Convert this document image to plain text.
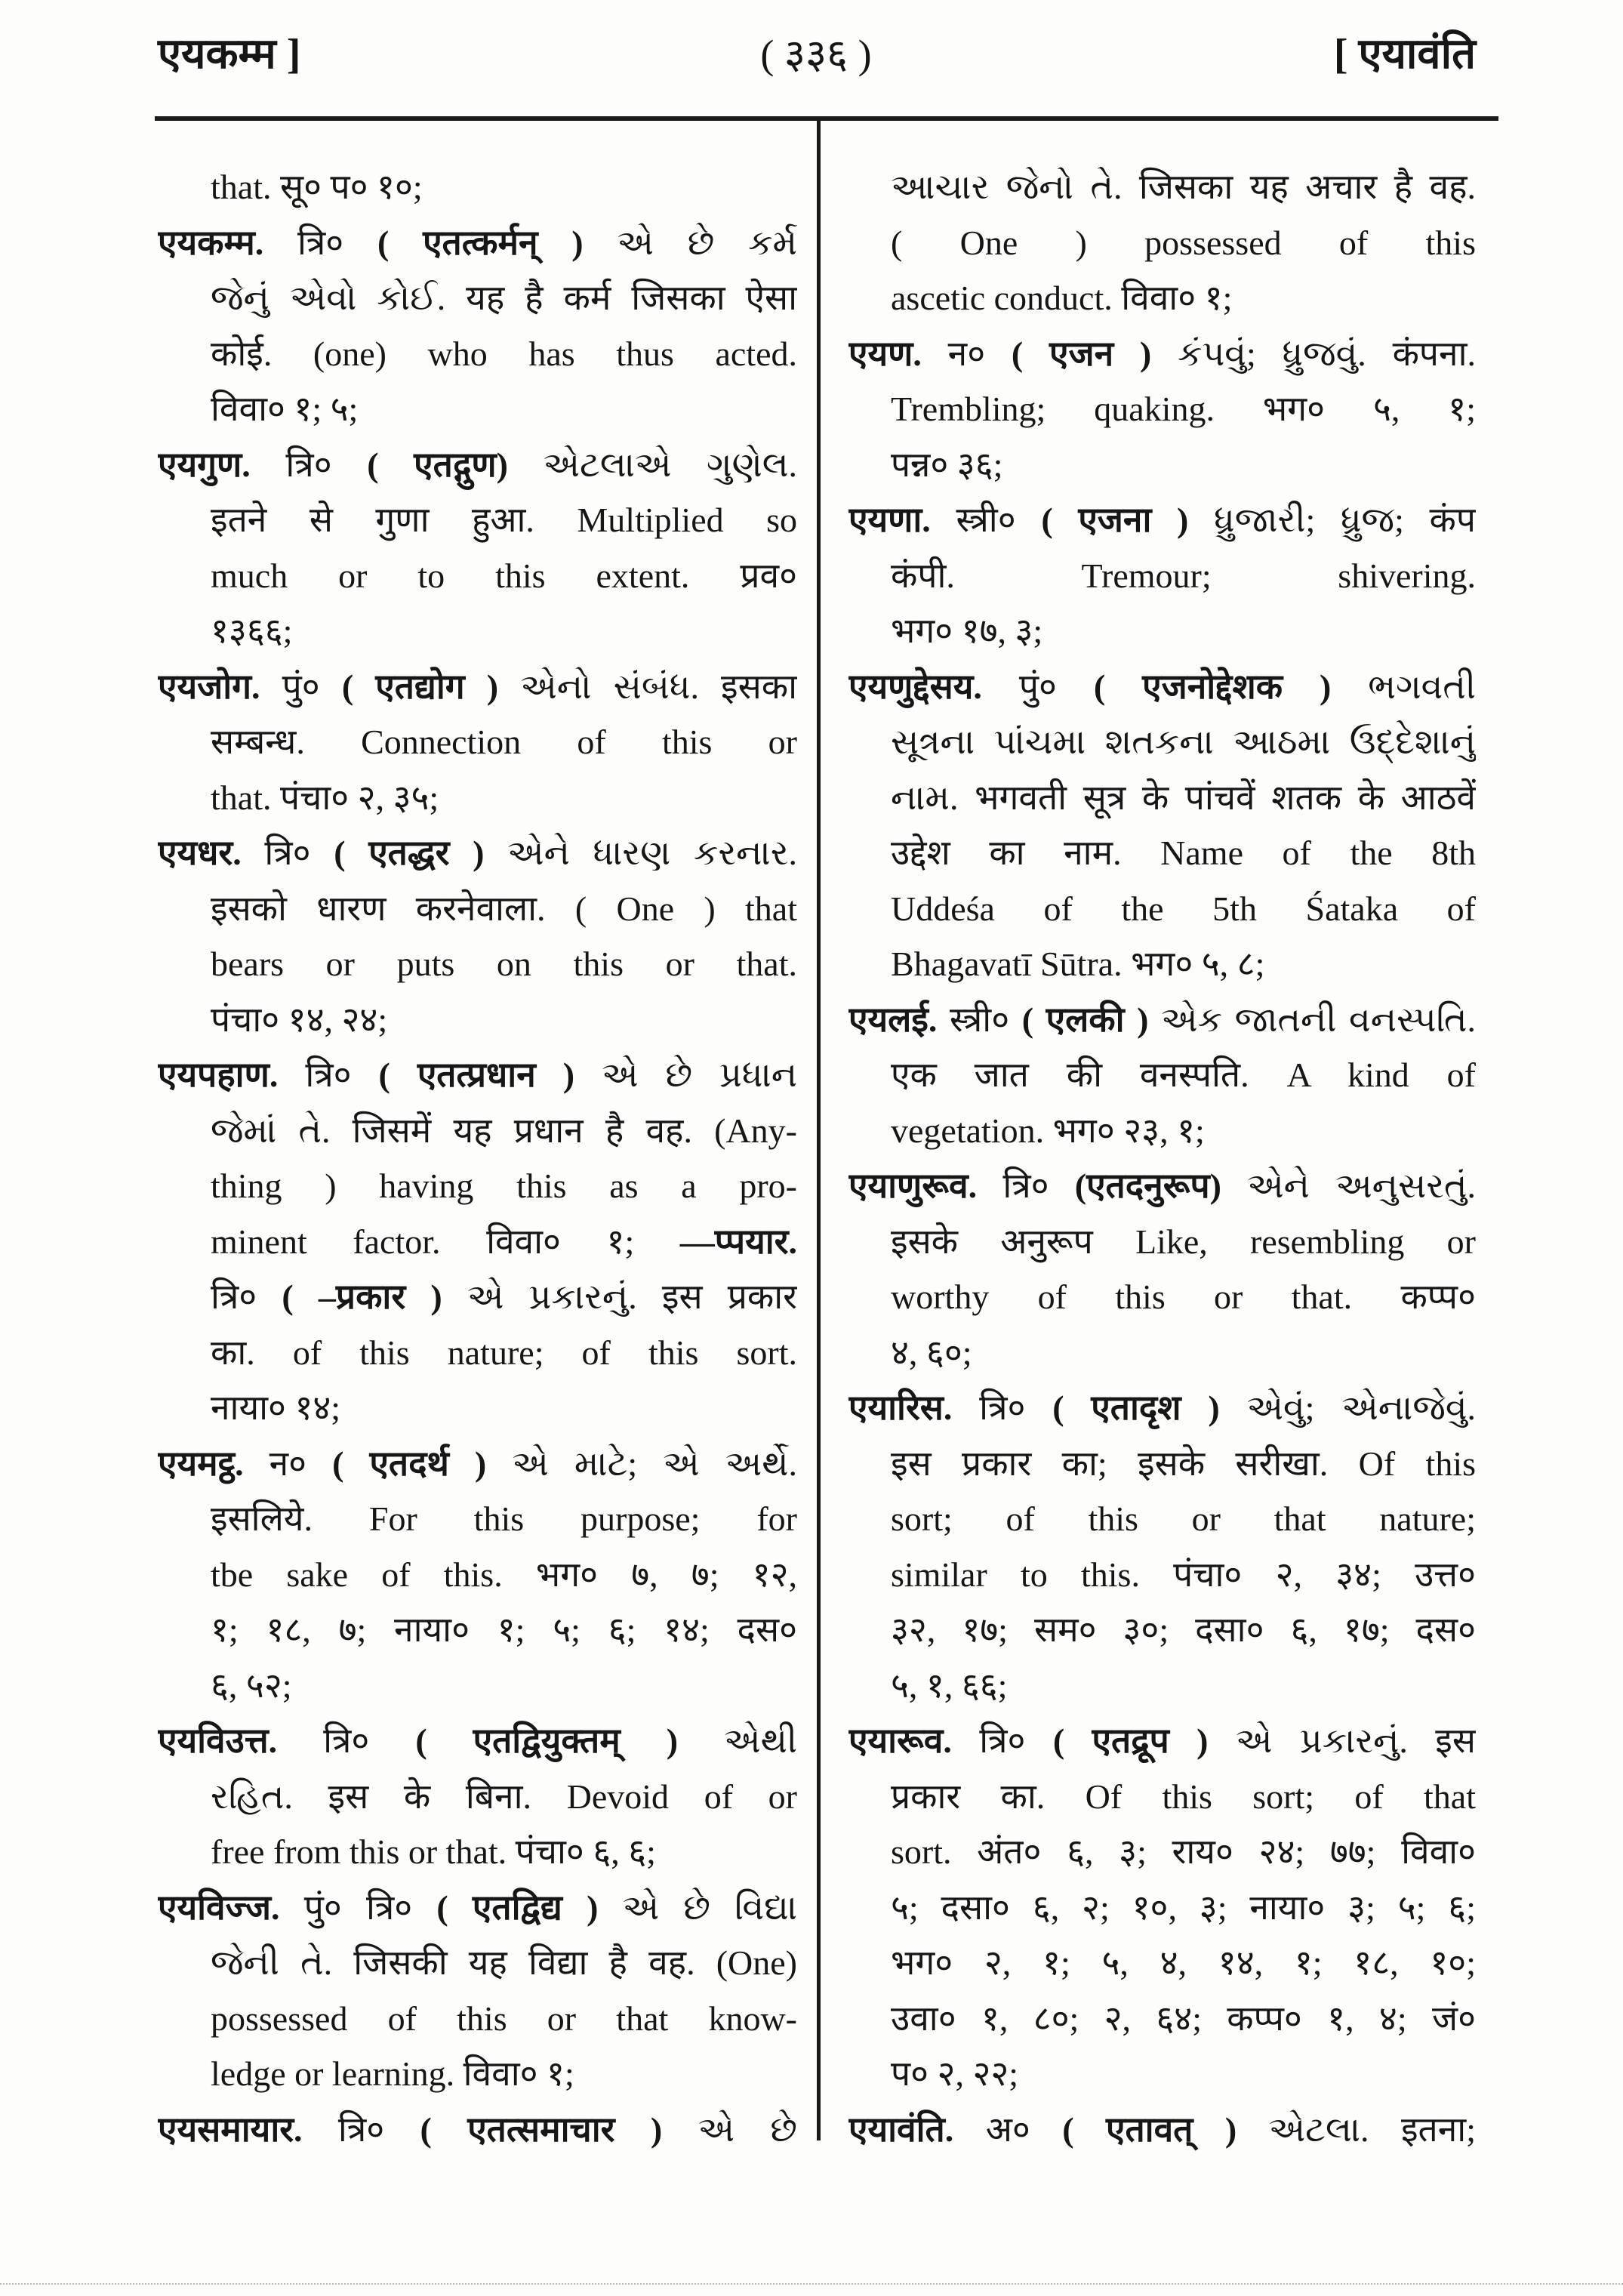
एयकम्म ]	( ३३६ )	[ एयावंति
that. सू० प० १०;
एयकम्म. त्रि० ( एतत्कर्मन् ) એ છે કર્મ
જેનું એવો કોઈ. यह है कर्म जिसका ऐसा
कोई. (one) who has thus acted.
विवा० १; ५;
एयगुण. त्रि० ( एतद्गुण) એટલાએ ગુણેલ.
इतने से गुणा हुआ. Multiplied so
much or to this extent. प्रव०
१३६६;
एयजोग. पुं० ( एतद्योग ) એનો સંબંધ. इसका
सम्बन्ध. Connection of this or
that. पंचा० २, ३५;
एयधर. त्रि० ( एतद्धर ) એને ધારણ કરનાર.
इसको धारण करनेवाला. ( One ) that
bears or puts on this or that.
पंचा० १४, २४;
एयपहाण. त्रि० ( एतत्प्रधान ) એ છે પ્રધાન
જેમાં તે. जिसमें यह प्रधान है वह. (Any-
thing ) having this as a pro-
minent factor. विवा० १; —प्पयार.
त्रि० ( –प्रकार ) એ પ્રકારનું. इस प्रकार
का. of this nature; of this sort.
नाया० १४;
एयमट्ठ. न० ( एतदर्थ ) એ માટે; એ અર્થે.
इसलिये. For this purpose; for
tbe sake of this. भग० ७, ७; १२,
१; १८, ७; नाया० १; ५; ६; १४; दस०
६, ५२;
एयविउत्त. त्रि० ( एतद्वियुक्तम् ) એથી
રહિત. इस के बिना. Devoid of or
free from this or that. पंचा० ६, ६;
एयविज्ज. पुं० त्रि० ( एतद्विद्य ) એ છે વિદ્યા
જેની તે. जिसकी यह विद्या है वह. (One)
possessed of this or that know-
ledge or learning. विवा० १;
एयसमायार. त्रि० ( एतत्समाचार ) એ છે
આચાર જેનો તે. जिसका यह अचार है वह.
( One ) possessed of this
ascetic conduct. विवा० १;
एयण. न० ( एजन ) કંપવું; ધ્રુજવું. कंपना.
Trembling; quaking. भग० ५, १;
पन्न० ३६;
एयणा. स्त्री० ( एजना ) ધ્રુજારી; ધ્રુજ; कंप
कंपी. Tremour; shivering.
भग० १७, ३;
एयणुद्देसय. पुं० ( एजनोद्देशक ) ભગવતી
સૂત્રના પાંચમા શતકના આઠમા ઉદ્દેશાનું
નામ. भगवती सूत्र के पांचवें शतक के आठवें
उद्देश का नाम. Name of the 8th
Uddeśa of the 5th Śataka of
Bhagavatī Sūtra. भग० ५, ८;
एयलई. स्त्री० ( एलकी ) એક જાતની વનસ્પતિ.
एक जात की वनस्पति. A kind of
vegetation. भग० २३, १;
एयाणुरूव. त्रि० (एतदनुरूप) એને અનુસરતું.
इसके अनुरूप Like, resembling or
worthy of this or that. कप्प०
४, ६०;
एयारिस. त्रि० ( एतादृश ) એવું; એનાજેવું.
इस प्रकार का; इसके सरीखा. Of this
sort; of this or that nature;
similar to this. पंचा० २, ३४; उत्त०
३२, १७; सम० ३०; दसा० ६, १७; दस०
५, १, ६६;
एयारूव. त्रि० ( एतद्रूप ) એ પ્રકારનું. इस
प्रकार का. Of this sort; of that
sort. अंत० ६, ३; राय० २४; ७७; विवा०
५; दसा० ६, २; १०, ३; नाया० ३; ५; ६;
भग० २, १; ५, ४, १४, १; १८, १०;
उवा० १, ८०; २, ६४; कप्प० १, ४; जं०
प० २, २२;
एयावंति. अ० ( एतावत् ) એટલા. इतना;
